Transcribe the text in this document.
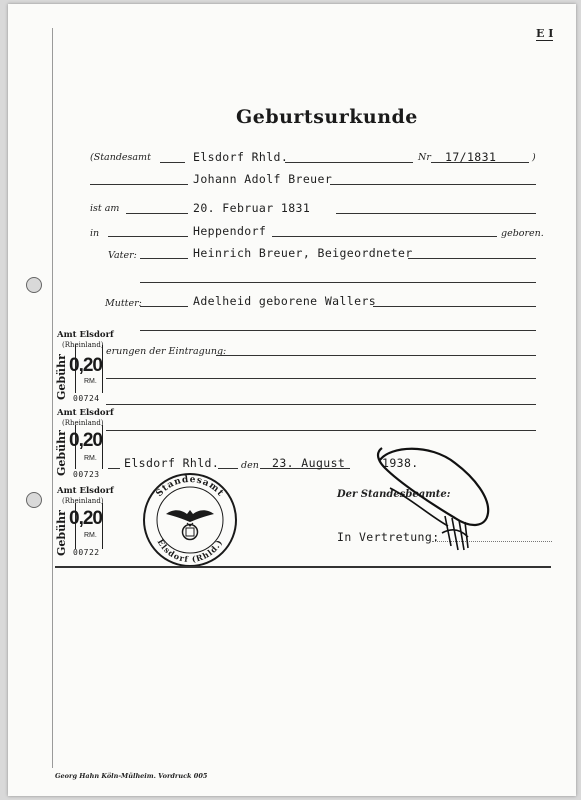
E I
Geburtsurkunde
(Standesamt	Elsdorf Rhld.	Nr 17/1831	)
Johann Adolf Breuer
ist am	20. Februar 1831
in	Heppendorf	geboren.
Vater:	Heinrich Breuer, Beigeordneter
Mutter:	Adelheid geborene Wallers
erungen der Eintragung:
Elsdorf Rhld. den 23. August	1938.
Der Standesbeamte:
In Vertretung:
Standesamt
Elsdorf (Rhld.)
Amt Elsdorf
(Rheinland)
Gebühr 0,20
RM.
00724
Amt Elsdorf
(Rheinland)
Gebühr 0,20
RM.
00723
Amt Elsdorf
(Rheinland)
Gebühr 0,20
RM.
00722
Georg Hahn Köln-Mülheim. Vordruck 005
